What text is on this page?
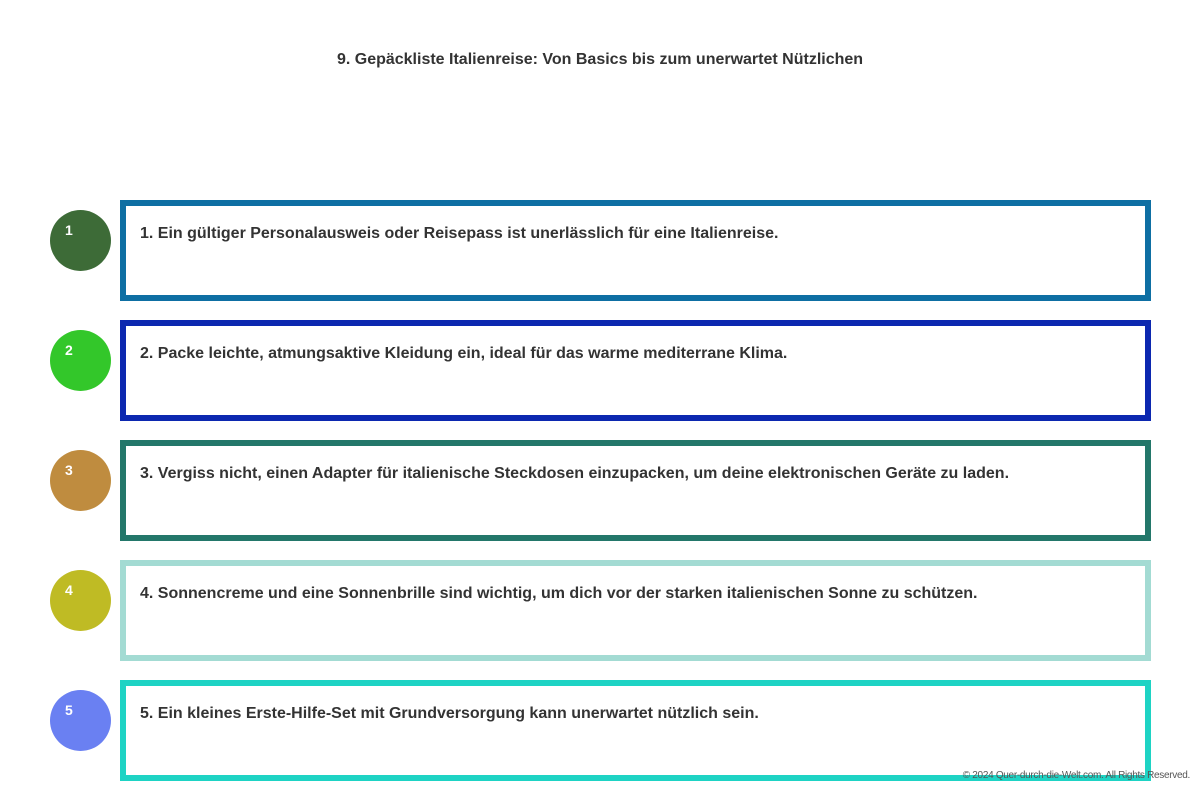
9. Gepäckliste Italienreise: Von Basics bis zum unerwartet Nützlichen
1	1. Ein gültiger Personalausweis oder Reisepass ist unerlässlich für eine Italienreise.
2	2. Packe leichte, atmungsaktive Kleidung ein, ideal für das warme mediterrane Klima.
3	3. Vergiss nicht, einen Adapter für italienische Steckdosen einzupacken, um deine elektronischen Geräte zu laden.
4	4. Sonnencreme und eine Sonnenbrille sind wichtig, um dich vor der starken italienischen Sonne zu schützen.
5	5. Ein kleines Erste-Hilfe-Set mit Grundversorgung kann unerwartet nützlich sein.
© 2024 Quer-durch-die-Welt.com. All Rights Reserved.
